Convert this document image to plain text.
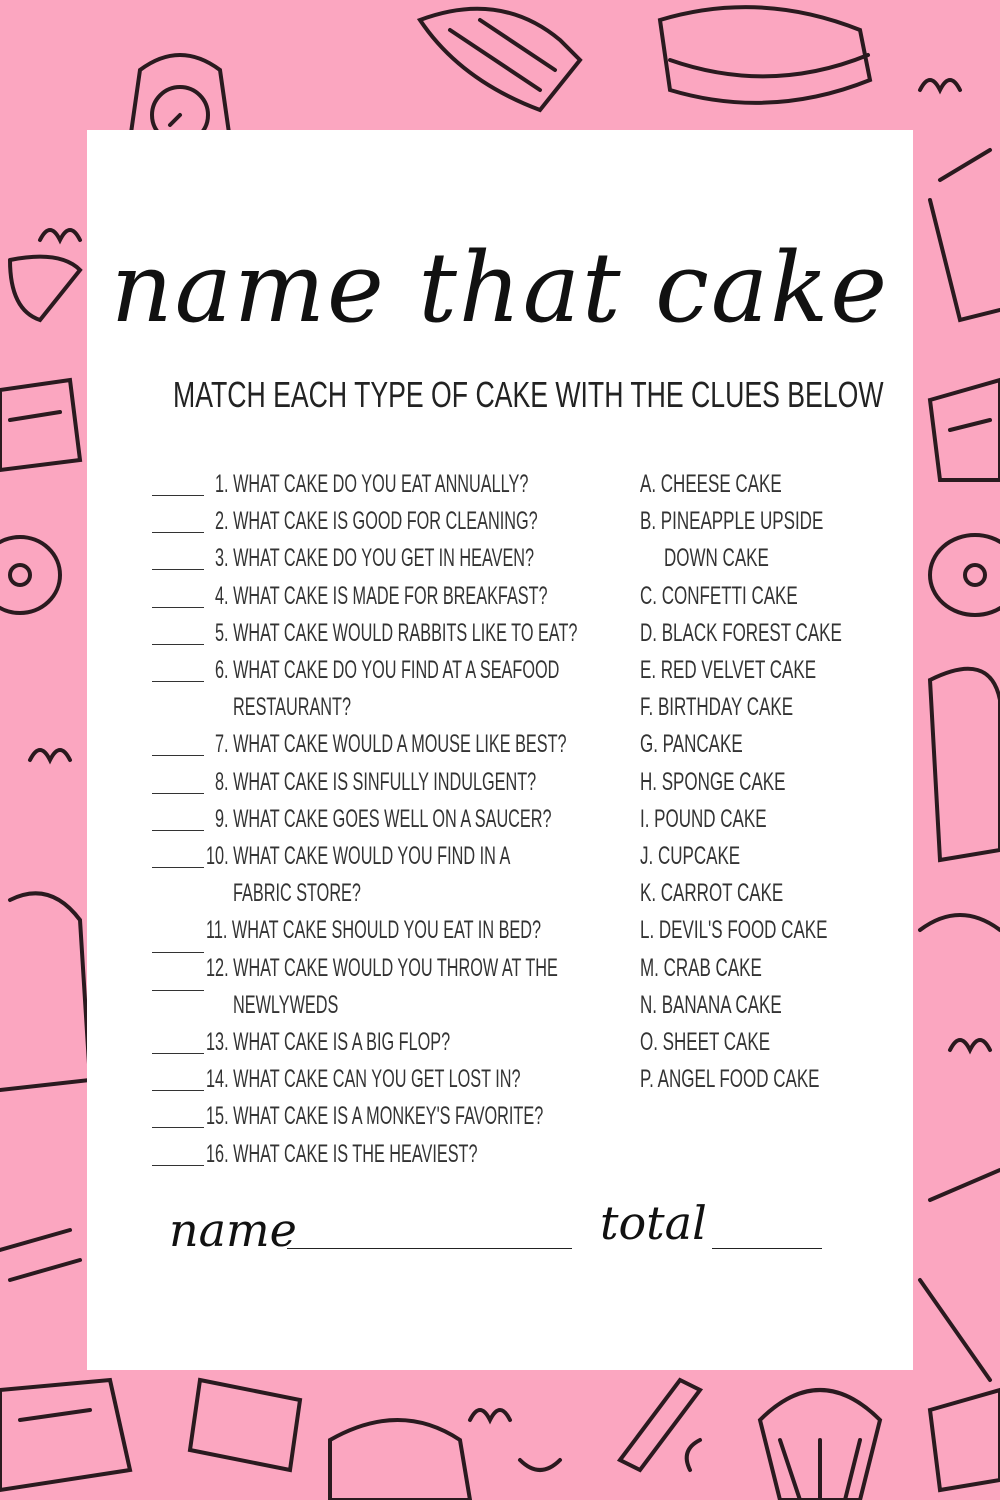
name that cake
MATCH EACH TYPE OF CAKE WITH THE CLUES BELOW
1. WHAT CAKE DO YOU EAT ANNUALLY?
2. WHAT CAKE IS GOOD FOR CLEANING?
3. WHAT CAKE DO YOU GET IN HEAVEN?
4. WHAT CAKE IS MADE FOR BREAKFAST?
5. WHAT CAKE WOULD RABBITS LIKE TO EAT?
6. WHAT CAKE DO YOU FIND AT A SEAFOOD
RESTAURANT?
7. WHAT CAKE WOULD A MOUSE LIKE BEST?
8. WHAT CAKE IS SINFULLY INDULGENT?
9. WHAT CAKE GOES WELL ON A SAUCER?
10. WHAT CAKE WOULD YOU FIND IN A
FABRIC STORE?
11. WHAT CAKE SHOULD YOU EAT IN BED?
12. WHAT CAKE WOULD YOU THROW AT THE
NEWLYWEDS
13. WHAT CAKE IS A BIG FLOP?
14. WHAT CAKE CAN YOU GET LOST IN?
15. WHAT CAKE IS A MONKEY'S FAVORITE?
16. WHAT CAKE IS THE HEAVIEST?
A. CHEESE CAKE
B. PINEAPPLE UPSIDE
DOWN CAKE
C. CONFETTI CAKE
D. BLACK FOREST CAKE
E. RED VELVET CAKE
F. BIRTHDAY CAKE
G. PANCAKE
H. SPONGE CAKE
I. POUND CAKE
J. CUPCAKE
K. CARROT CAKE
L. DEVIL'S FOOD CAKE
M. CRAB CAKE
N. BANANA CAKE
O. SHEET CAKE
P. ANGEL FOOD CAKE
name	total
